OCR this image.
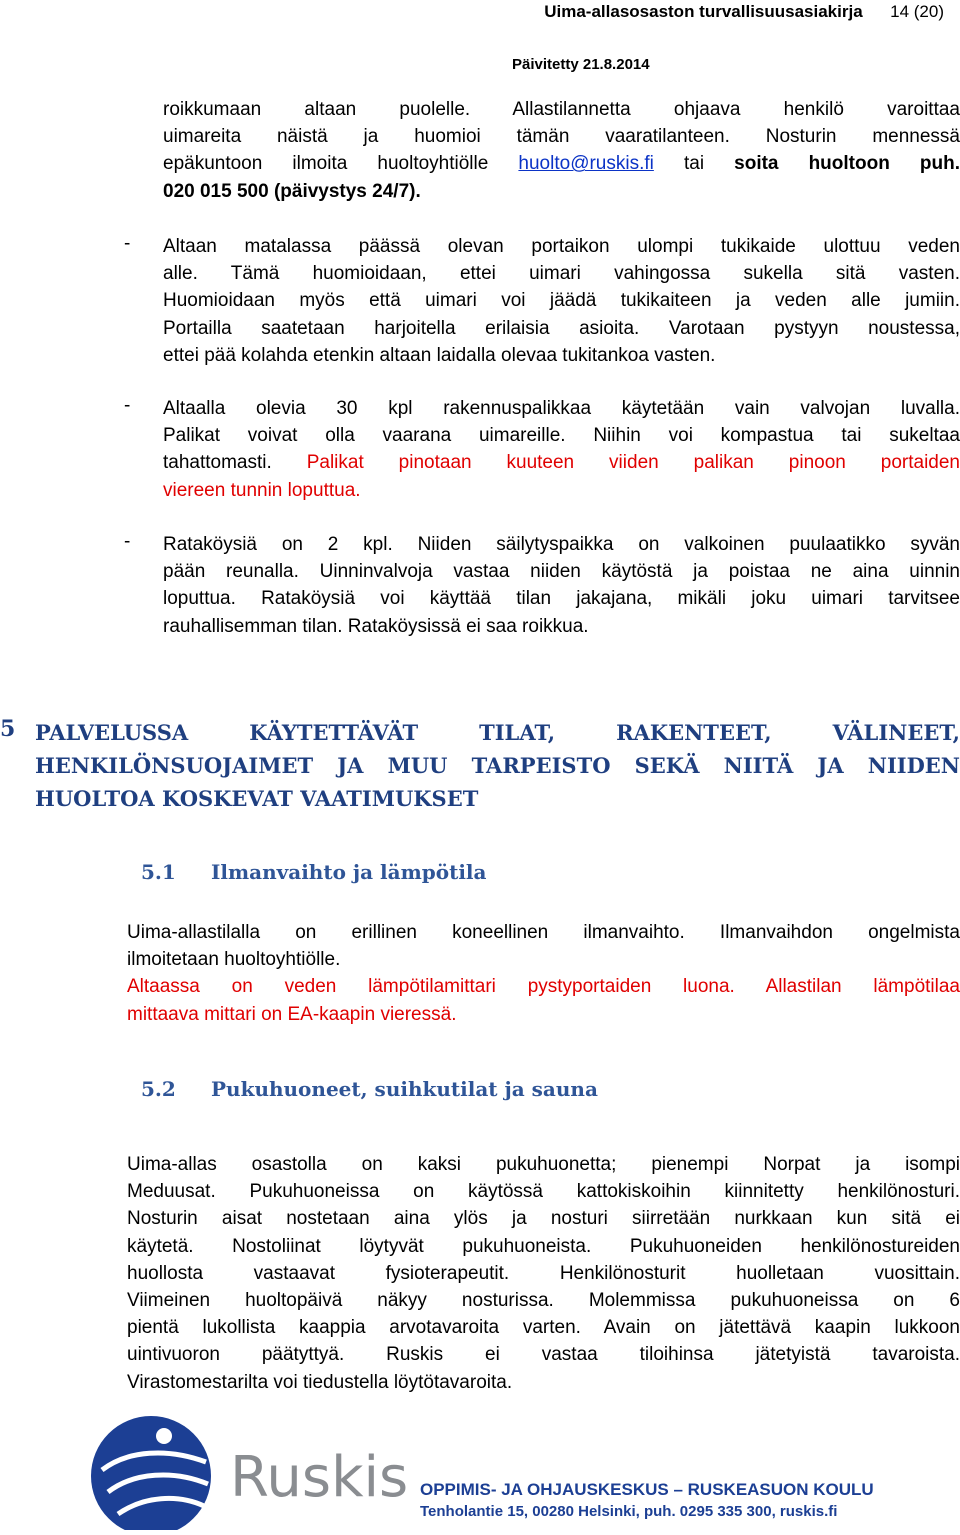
Uima-allasosaston turvallisuusasiakirja 14 (20)
Päivitetty 21.8.2014
roikkumaan altaan puolelle. Allastilannetta ohjaava henkilö varoittaa
uimareita näistä ja huomioi tämän vaaratilanteen. Nosturin mennessä
epäkuntoon ilmoita huoltoyhtiölle huolto@ruskis.fi tai soita huoltoon puh.
020 015 500 (päivystys 24/7).
- Altaan matalassa päässä olevan portaikon ulompi tukikaide ulottuu veden
alle. Tämä huomioidaan, ettei uimari vahingossa sukella sitä vasten.
Huomioidaan myös että uimari voi jäädä tukikaiteen ja veden alle jumiin.
Portailla saatetaan harjoitella erilaisia asioita. Varotaan pystyyn noustessa,
ettei pää kolahda etenkin altaan laidalla olevaa tukitankoa vasten.
- Altaalla olevia 30 kpl rakennuspalikkaa käytetään vain valvojan luvalla.
Palikat voivat olla vaarana uimareille. Niihin voi kompastua tai sukeltaa
tahattomasti. Palikat pinotaan kuuteen viiden palikan pinoon portaiden
viereen tunnin loputtua.
- Rataköysiä on 2 kpl. Niiden säilytyspaikka on valkoinen puulaatikko syvän
pään reunalla. Uinninvalvoja vastaa niiden käytöstä ja poistaa ne aina uinnin
loputtua. Rataköysiä voi käyttää tilan jakajana, mikäli joku uimari tarvitsee
rauhallisemman tilan. Rataköysissä ei saa roikkua.
5 PALVELUSSA KÄYTETTÄVÄT TILAT, RAKENTEET, VÄLINEET,
HENKILÖNSUOJAIMET JA MUU TARPEISTO SEKÄ NIITÄ JA NIIDEN
HUOLTOA KOSKEVAT VAATIMUKSET
5.1 Ilmanvaihto ja lämpötila
Uima-allastilalla on erillinen koneellinen ilmanvaihto. Ilmanvaihdon ongelmista
ilmoitetaan huoltoyhtiölle.
Altaassa on veden lämpötilamittari pystyportaiden luona. Allastilan lämpötilaa
mittaava mittari on EA-kaapin vieressä.
5.2 Pukuhuoneet, suihkutilat ja sauna
Uima-allas osastolla on kaksi pukuhuonetta; pienempi Norpat ja isompi
Meduusat. Pukuhuoneissa on käytössä kattokiskoihin kiinnitetty henkilönosturi.
Nosturin aisat nostetaan aina ylös ja nosturi siirretään nurkkaan kun sitä ei
käytetä. Nostoliinat löytyvät pukuhuoneista. Pukuhuoneiden henkilönostureiden
huollosta vastaavat fysioterapeutit. Henkilönosturit huolletaan vuosittain.
Viimeinen huoltopäivä näkyy nosturissa. Molemmissa pukuhuoneissa on 6
pientä lukollista kaappia arvotavaroita varten. Avain on jätettävä kaapin lukkoon
uintivuoron päätyttyä. Ruskis ei vastaa tiloihinsa jätetyistä tavaroista.
Virastomestarilta voi tiedustella löytötavaroita.
Ruskis OPPIMIS- JA OHJAUSKESKUS – RUSKEASUON KOULU
Tenholantie 15, 00280 Helsinki, puh. 0295 335 300, ruskis.fi
